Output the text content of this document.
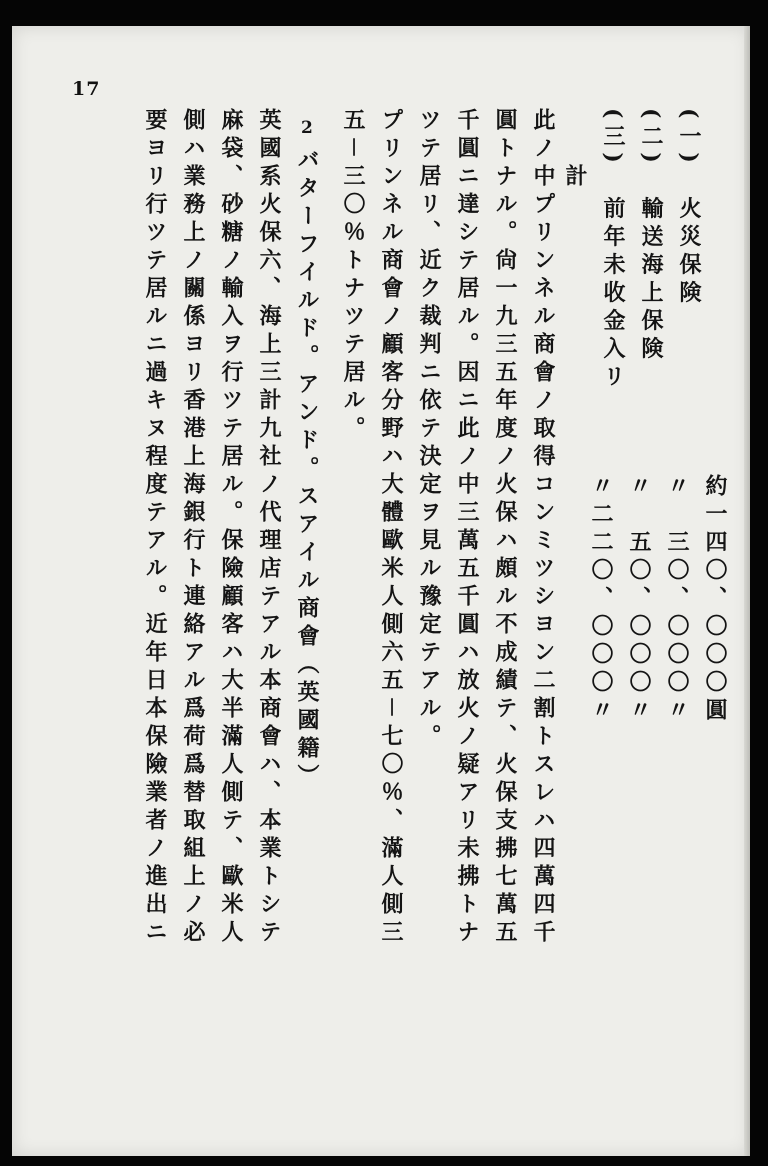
17
(一)　火災保険
(二)　輸送海上保険
(三)　前年未收金入リ
　　計
約一四〇、〇〇〇圓
〃　三〇、〇〇〇〃
〃　五〇、〇〇〇〃
〃二二〇、〇〇〇〃
此ノ中プリンネル商會ノ取得コンミツシヨン二割トスレハ四萬四千
圓トナル。尙一九三五年度ノ火保ハ頗ル不成績テ、火保支拂七萬五
千圓ニ達シテ居ル。因ニ此ノ中三萬五千圓ハ放火ノ疑アリ未拂トナ
ツテ居リ、近ク裁判ニ依テ決定ヲ見ル豫定テアル。
プリンネル商會ノ顧客分野ハ大體歐米人側六五－七〇％、滿人側三
五－三〇％トナツテ居ル。
2
バターフイルド。アンド。スアイル商會（英國籍）
英國系火保六、海上三計九社ノ代理店テアル本商會ハ、本業トシテ
麻袋、砂糖ノ輸入ヲ行ツテ居ル。保險顧客ハ大半滿人側テ、歐米人
側ハ業務上ノ關係ヨリ香港上海銀行ト連絡アル爲荷爲替取組上ノ必
要ヨリ行ツテ居ルニ過キヌ程度テアル。近年日本保險業者ノ進出ニ
